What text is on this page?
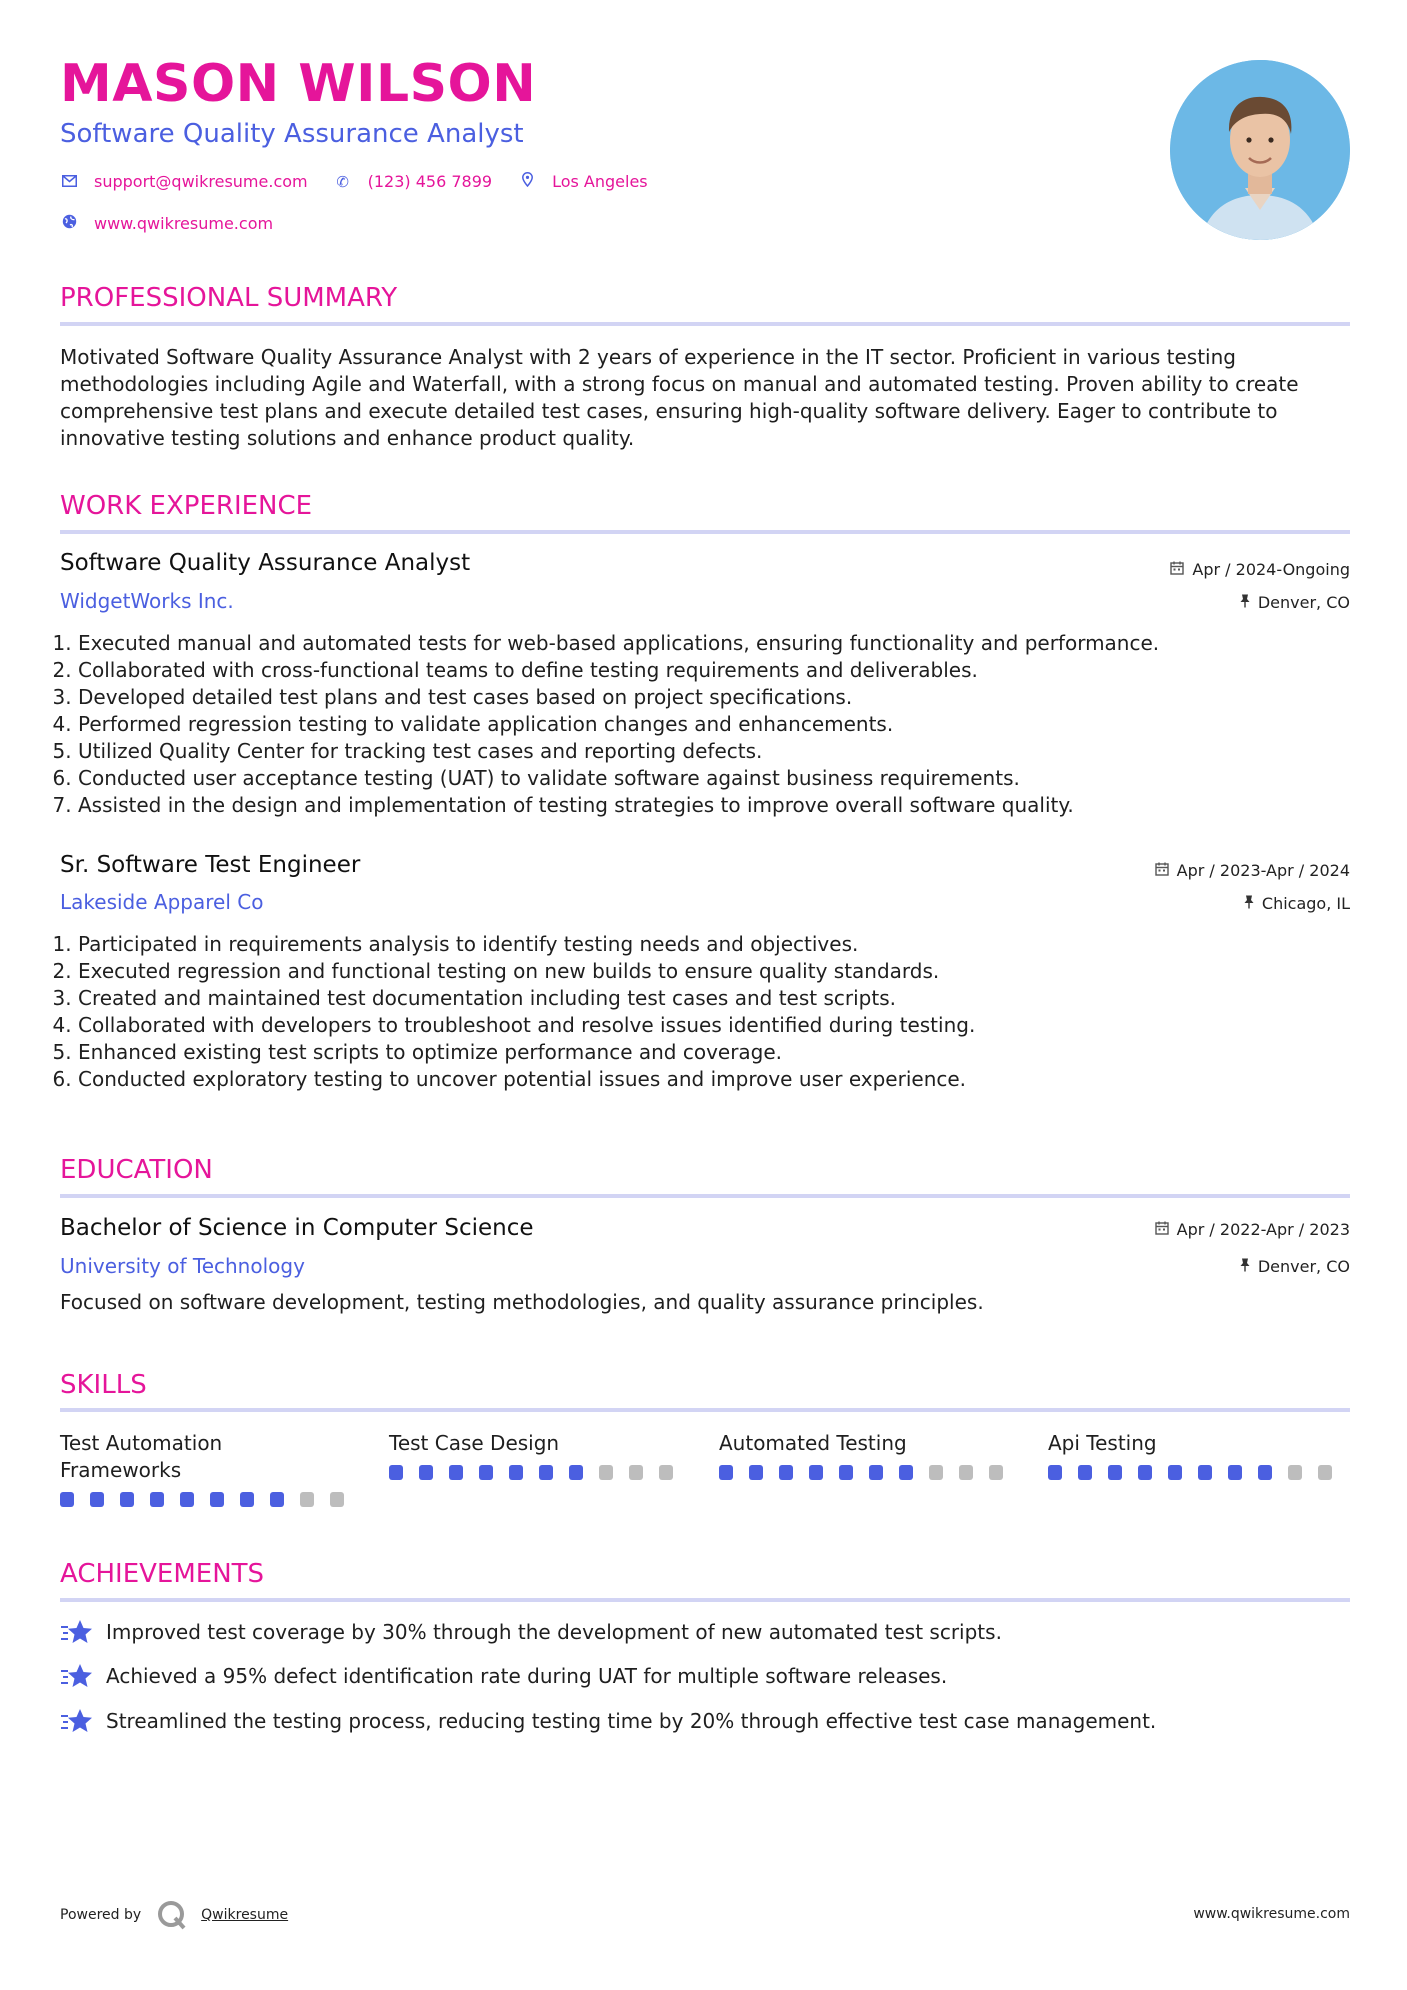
MASON WILSON
Software Quality Assurance Analyst
support@qwikresume.com ✆ (123) 456 7899	Los Angeles
www.qwikresume.com
PROFESSIONAL SUMMARY
Motivated Software Quality Assurance Analyst with 2 years of experience in the IT sector. Proficient in various testing methodologies including Agile and Waterfall, with a strong focus on manual and automated testing. Proven ability to create comprehensive test plans and execute detailed test cases, ensuring high-quality software delivery. Eager to contribute to innovative testing solutions and enhance product quality.
WORK EXPERIENCE
Software Quality Assurance Analyst	Apr / 2024-Ongoing
WidgetWorks Inc.	Denver, CO
1. Executed manual and automated tests for web-based applications, ensuring functionality and performance.
2. Collaborated with cross-functional teams to define testing requirements and deliverables.
3. Developed detailed test plans and test cases based on project specifications.
4. Performed regression testing to validate application changes and enhancements.
5. Utilized Quality Center for tracking test cases and reporting defects.
6. Conducted user acceptance testing (UAT) to validate software against business requirements.
7. Assisted in the design and implementation of testing strategies to improve overall software quality.
Sr. Software Test Engineer	Apr / 2023-Apr / 2024
Lakeside Apparel Co	Chicago, IL
1. Participated in requirements analysis to identify testing needs and objectives.
2. Executed regression and functional testing on new builds to ensure quality standards.
3. Created and maintained test documentation including test cases and test scripts.
4. Collaborated with developers to troubleshoot and resolve issues identified during testing.
5. Enhanced existing test scripts to optimize performance and coverage.
6. Conducted exploratory testing to uncover potential issues and improve user experience.
EDUCATION
Bachelor of Science in Computer Science	Apr / 2022-Apr / 2023
University of Technology	Denver, CO
Focused on software development, testing methodologies, and quality assurance principles.
SKILLS
Test Automation Frameworks
Test Case Design	Automated Testing	Api Testing
ACHIEVEMENTS
Improved test coverage by 30% through the development of new automated test scripts.
Achieved a 95% defect identification rate during UAT for multiple software releases.
Streamlined the testing process, reducing testing time by 20% through effective test case management.
Powered by	Qwikresume	www.qwikresume.com
